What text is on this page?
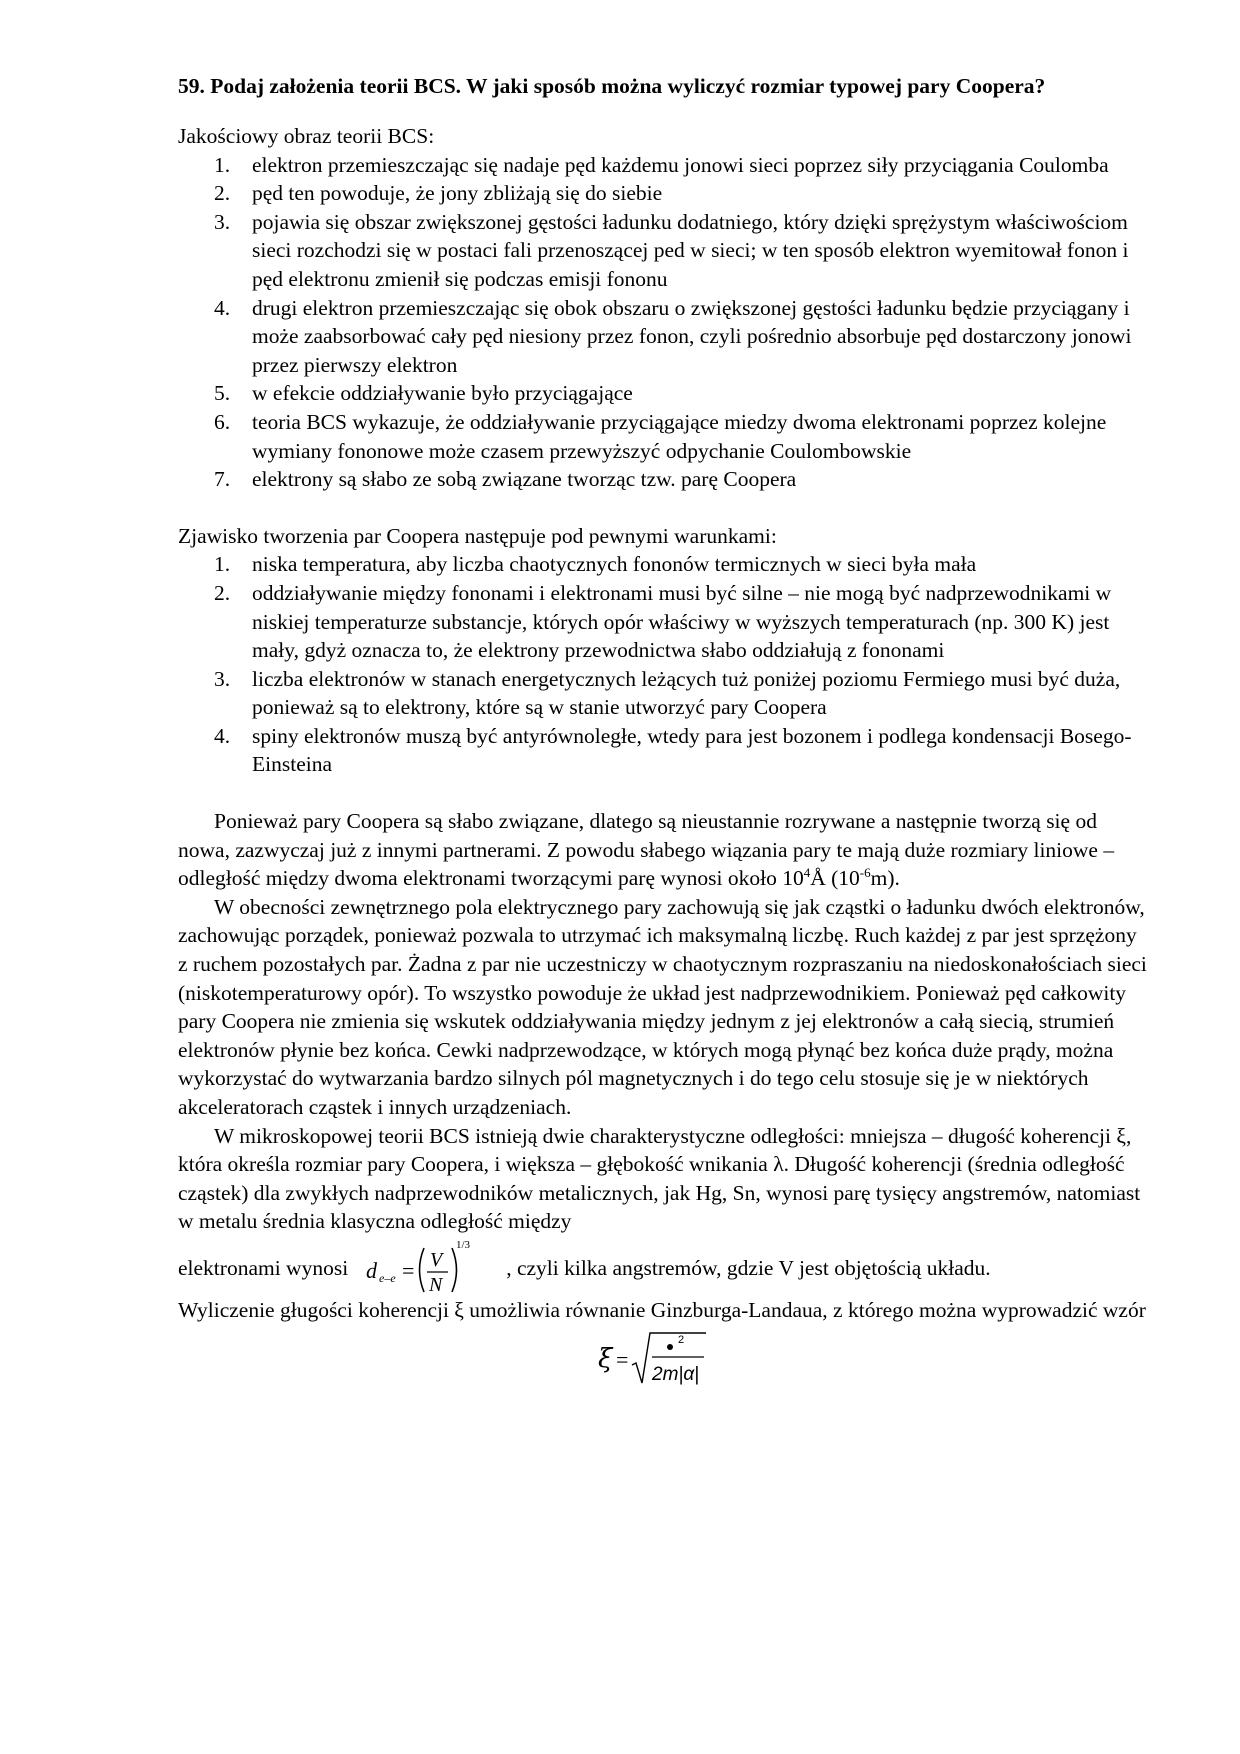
59. Podaj założenia teorii BCS. W jaki sposób można wyliczyć rozmiar typowej pary Coopera?

Jakościowy obraz teorii BCS:

1. elektron przemieszczając się nadaje pęd każdemu jonowi sieci poprzez siły przyciągania Coulomba
2. pęd ten powoduje, że jony zbliżają się do siebie
3. pojawia się obszar zwiększonej gęstości ładunku dodatniego, który dzięki sprężystym właściwościom sieci rozchodzi się w postaci fali przenoszącej ped w sieci; w ten sposób elektron wyemitował fonon i pęd elektronu zmienił się podczas emisji fononu
4. drugi elektron przemieszczając się obok obszaru o zwiększonej gęstości ładunku będzie przyciągany i może zaabsorbować cały pęd niesiony przez fonon, czyli pośrednio absorbuje pęd dostarczony jonowi przez pierwszy elektron
5. w efekcie oddziaływanie było przyciągające
6. teoria BCS wykazuje, że oddziaływanie przyciągające miedzy dwoma elektronami poprzez kolejne wymiany fononowe może czasem przewyższyć odpychanie Coulombowskie
7. elektrony są słabo ze sobą związane tworząc tzw. parę Coopera

Zjawisko tworzenia par Coopera następuje pod pewnymi warunkami:

1. niska temperatura, aby liczba chaotycznych fononów termicznych w sieci była mała
2. oddziaływanie między fononami i elektronami musi być silne – nie mogą być nadprzewodnikami w niskiej temperaturze substancje, których opór właściwy w wyższych temperaturach (np. 300 K) jest mały, gdyż oznacza to, że elektrony przewodnictwa słabo oddziałują z fononami
3. liczba elektronów w stanach energetycznych leżących tuż poniżej poziomu Fermiego musi być duża, ponieważ są to elektrony, które są w stanie utworzyć pary Coopera
4. spiny elektronów muszą być antyrównoległe, wtedy para jest bozonem i podlega kondensacji Bosego-Einsteina

Ponieważ pary Coopera są słabo związane, dlatego są nieustannie rozrywane a następnie tworzą się od nowa, zazwyczaj już z innymi partnerami. Z powodu słabego wiązania pary te mają duże rozmiary liniowe – odległość między dwoma elektronami tworzącymi parę wynosi około $10^4Å$ $(10^{-6}m)$.

W obecności zewnętrznego pola elektrycznego pary zachowują się jak cząstki o ładunku dwóch elektronów, zachowując porządek, ponieważ pozwala to utrzymać ich maksymalną liczbę. Ruch każdej z par jest sprzężony z ruchem pozostałych par. Żadna z par nie uczestniczy w chaotycznym rozpraszaniu na niedoskonałościach sieci (niskotemperaturowy opór). To wszystko powoduje że układ jest nadprzewodnikiem. Ponieważ pęd całkowity pary Coopera nie zmienia się wskutek oddziaływania między jednym z jej elektronów a całą siecią, strumień elektronów płynie bez końca. Cewki nadprzewodzące, w których mogą płynąć bez końca duże prądy, można wykorzystać do wytwarzania bardzo silnych pól magnetycznych i do tego celu stosuje się je w niektórych akceleratorach cząstek i innych urządzeniach.

W mikroskopowej teorii BCS istnieją dwie charakterystyczne odległości: mniejsza – długość koherencji ξ, która określa rozmiar pary Coopera, i większa – głębokość wnikania λ. Długość koherencji (średnia odległość cząstek) dla zwykłych nadprzewodników metalicznych, jak Hg, Sn, wynosi parę tysięcy angstremów, natomiast w metalu średnia klasyczna odległość między

elektronami wynosi d e–e = V
N
1/3
, czyli kilka angstremów, gdzie V jest objętością układu.

Wyliczenie gługości koherencji ξ umożliwia równanie Ginzburga-Landaua, z którego można wyprowadzić wzór

ξ =
2
2m|α|
